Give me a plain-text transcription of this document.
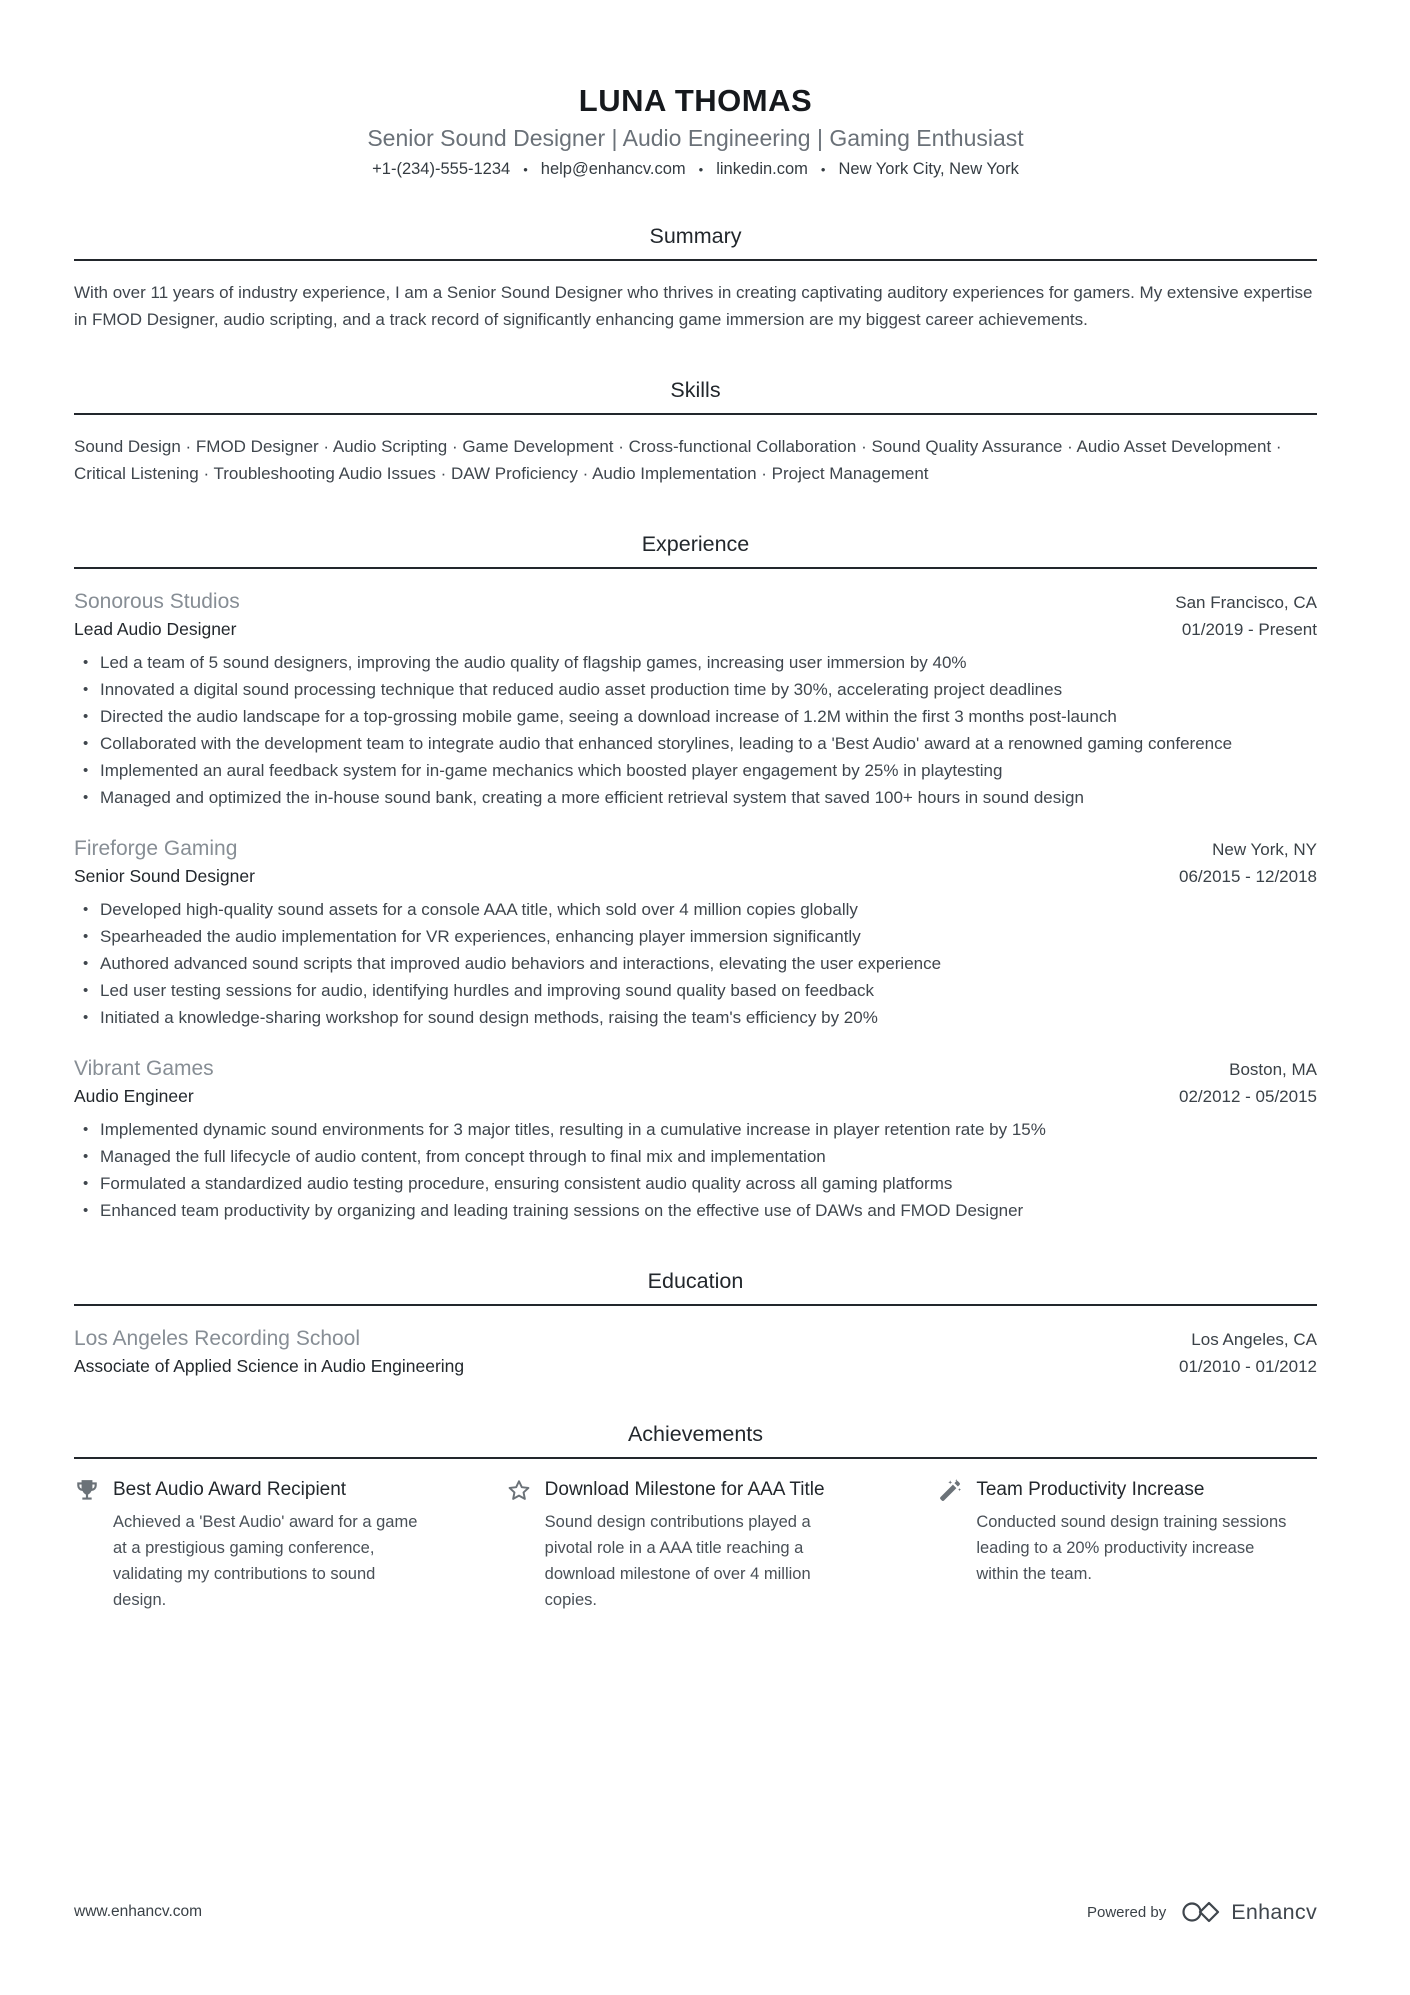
LUNA THOMAS
Senior Sound Designer | Audio Engineering | Gaming Enthusiast
+1-(234)-555-1234	• help@enhancv.com	• linkedin.com	• New York City, New York
Summary

With over 11 years of industry experience, I am a Senior Sound Designer who thrives in creating captivating auditory experiences for gamers. My extensive expertise in FMOD Designer, audio scripting, and a track record of significantly enhancing game immersion are my biggest career achievements.

Skills

Sound Design · FMOD Designer · Audio Scripting · Game Development · Cross-functional Collaboration · Sound Quality Assurance · Audio Asset Development · Critical Listening · Troubleshooting Audio Issues · DAW Proficiency · Audio Implementation · Project Management

Experience
Sonorous Studios	San Francisco, CA
Lead Audio Designer	01/2019 - Present
• Led a team of 5 sound designers, improving the audio quality of flagship games, increasing user immersion by 40%
• Innovated a digital sound processing technique that reduced audio asset production time by 30%, accelerating project deadlines
• Directed the audio landscape for a top-grossing mobile game, seeing a download increase of 1.2M within the first 3 months post-launch
• Collaborated with the development team to integrate audio that enhanced storylines, leading to a 'Best Audio' award at a renowned gaming conference
• Implemented an aural feedback system for in-game mechanics which boosted player engagement by 25% in playtesting
• Managed and optimized the in-house sound bank, creating a more efficient retrieval system that saved 100+ hours in sound design
Fireforge Gaming	New York, NY
Senior Sound Designer	06/2015 - 12/2018
• Developed high-quality sound assets for a console AAA title, which sold over 4 million copies globally
• Spearheaded the audio implementation for VR experiences, enhancing player immersion significantly
• Authored advanced sound scripts that improved audio behaviors and interactions, elevating the user experience
• Led user testing sessions for audio, identifying hurdles and improving sound quality based on feedback
• Initiated a knowledge-sharing workshop for sound design methods, raising the team's efficiency by 20%
Vibrant Games	Boston, MA
Audio Engineer	02/2012 - 05/2015
• Implemented dynamic sound environments for 3 major titles, resulting in a cumulative increase in player retention rate by 15%
• Managed the full lifecycle of audio content, from concept through to final mix and implementation
• Formulated a standardized audio testing procedure, ensuring consistent audio quality across all gaming platforms
• Enhanced team productivity by organizing and leading training sessions on the effective use of DAWs and FMOD Designer
Education
Los Angeles Recording School	Los Angeles, CA
Associate of Applied Science in Audio Engineering	01/2010 - 01/2012
Achievements
Best Audio Award Recipient
Achieved a 'Best Audio' award for a game at a prestigious gaming conference, validating my contributions to sound design.
Download Milestone for AAA Title
Sound design contributions played a pivotal role in a AAA title reaching a download milestone of over 4 million copies.
Team Productivity Increase
Conducted sound design training sessions leading to a 20% productivity increase within the team.
www.enhancv.com	Powered by	Enhancv
